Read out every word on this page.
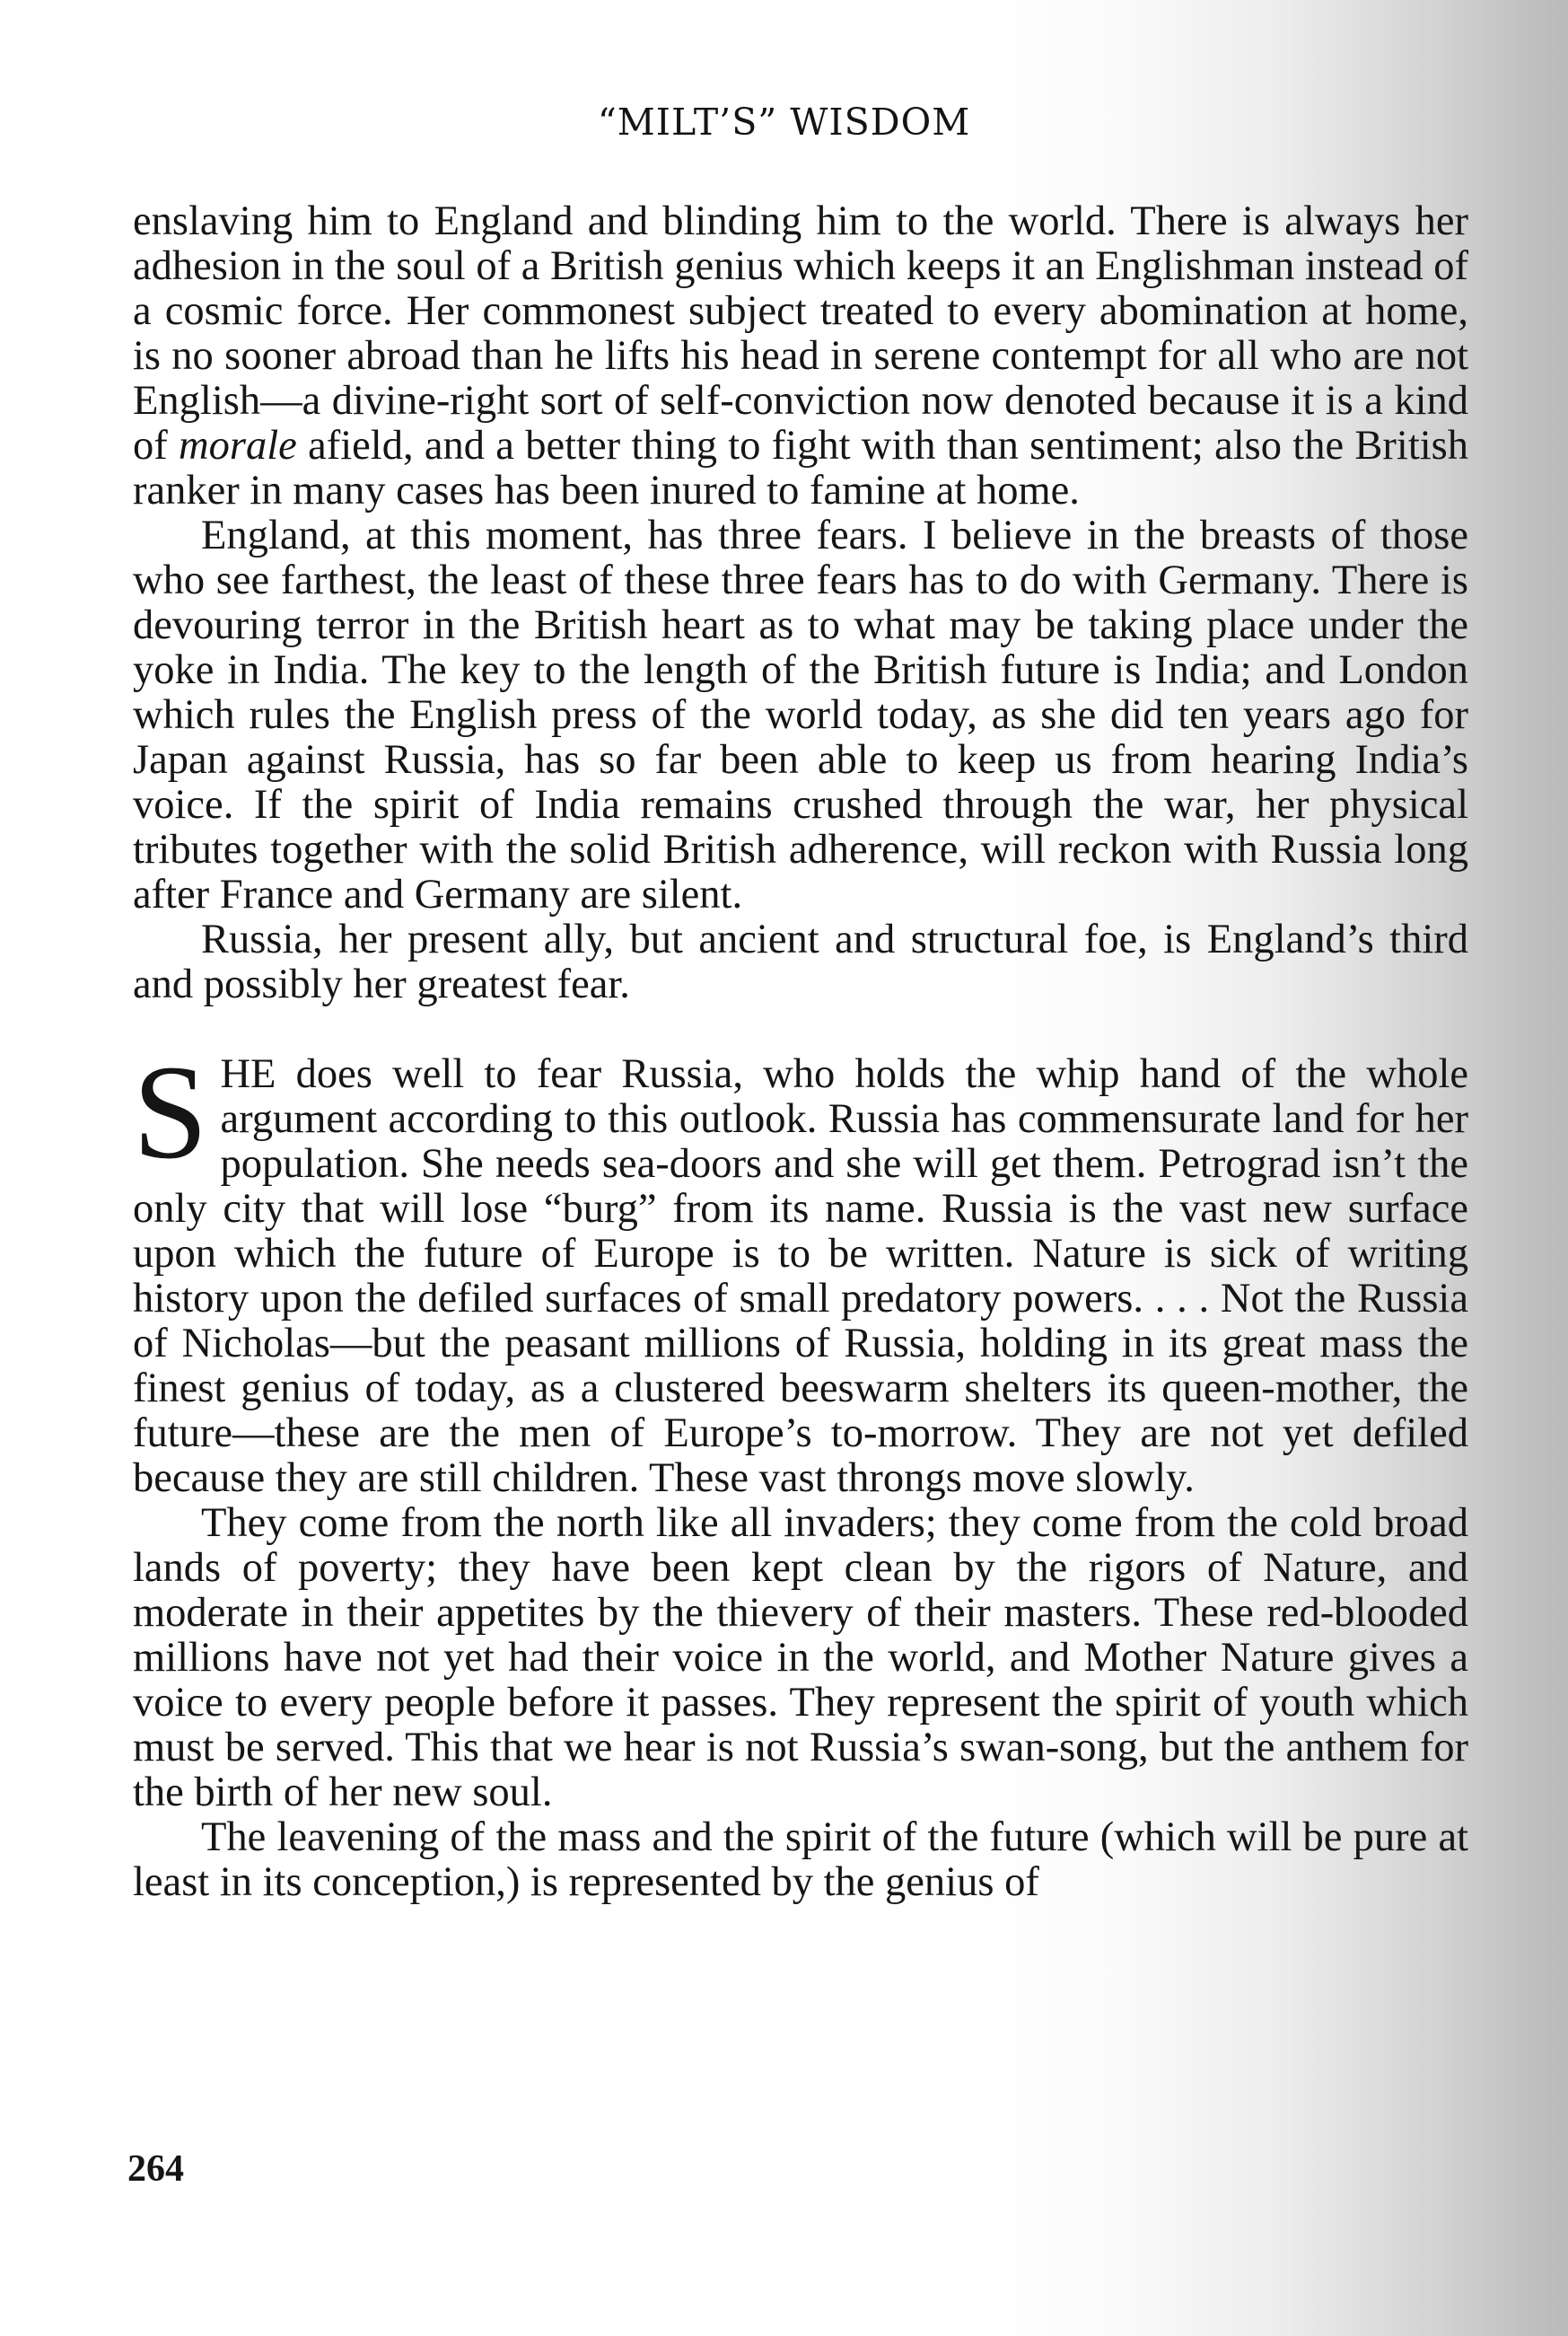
“MILT’S” WISDOM

enslaving him to England and blinding him to the world. There is always her adhesion in the soul of a British genius which keeps it an Englishman instead of a cosmic force. Her commonest subject treated to every abomination at home, is no sooner abroad than he lifts his head in serene contempt for all who are not English—a divine-right sort of self-conviction now denoted because it is a kind of morale afield, and a better thing to fight with than sentiment; also the British ranker in many cases has been inured to famine at home.

England, at this moment, has three fears. I believe in the breasts of those who see farthest, the least of these three fears has to do with Germany. There is devouring terror in the British heart as to what may be taking place under the yoke in India. The key to the length of the British future is India; and London which rules the English press of the world today, as she did ten years ago for Japan against Russia, has so far been able to keep us from hearing India’s voice. If the spirit of India remains crushed through the war, her physical tributes together with the solid British adherence, will reckon with Russia long after France and Germany are silent.

Russia, her present ally, but ancient and structural foe, is England’s third and possibly her greatest fear.

SHE does well to fear Russia, who holds the whip hand of the whole argument according to this outlook. Russia has commensurate land for her population. She needs sea-doors and she will get them. Petrograd isn’t the only city that will lose “burg” from its name. Russia is the vast new surface upon which the future of Europe is to be written. Nature is sick of writing history upon the defiled surfaces of small predatory powers. . . . Not the Russia of Nicholas—but the peasant millions of Russia, holding in its great mass the finest genius of today, as a clustered beeswarm shelters its queen-mother, the future—these are the men of Europe’s to-morrow. They are not yet defiled because they are still children. These vast throngs move slowly.

They come from the north like all invaders; they come from the cold broad lands of poverty; they have been kept clean by the rigors of Nature, and moderate in their appetites by the thievery of their masters. These red-blooded millions have not yet had their voice in the world, and Mother Nature gives a voice to every people before it passes. They represent the spirit of youth which must be served. This that we hear is not Russia’s swan-song, but the anthem for the birth of her new soul.

The leavening of the mass and the spirit of the future (which will be pure at least in its conception,) is represented by the genius of

264
